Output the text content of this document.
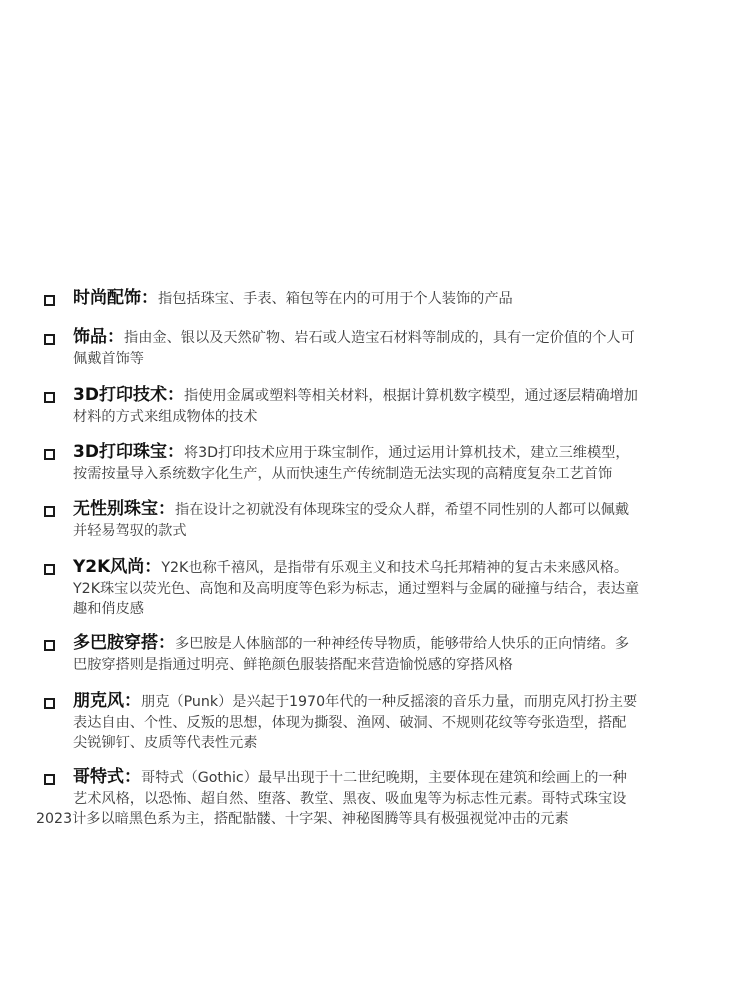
时尚配饰：指包括珠宝、手表、箱包等在内的可用于个人装饰的产品
饰品：指由金、银以及天然矿物、岩石或人造宝石材料等制成的，具有一定价值的个人可
佩戴首饰等
3D打印技术：指使用金属或塑料等相关材料，根据计算机数字模型，通过逐层精确增加
材料的方式来组成物体的技术
3D打印珠宝：将3D打印技术应用于珠宝制作，通过运用计算机技术，建立三维模型，
按需按量导入系统数字化生产，从而快速生产传统制造无法实现的高精度复杂工艺首饰
无性别珠宝：指在设计之初就没有体现珠宝的受众人群，希望不同性别的人都可以佩戴
并轻易驾驭的款式
Y2K风尚：Y2K也称千禧风，是指带有乐观主义和技术乌托邦精神的复古未来感风格。
Y2K珠宝以荧光色、高饱和及高明度等色彩为标志，通过塑料与金属的碰撞与结合，表达童
趣和俏皮感
多巴胺穿搭：多巴胺是人体脑部的一种神经传导物质，能够带给人快乐的正向情绪。多
巴胺穿搭则是指通过明亮、鲜艳颜色服装搭配来营造愉悦感的穿搭风格
朋克风：朋克（Punk）是兴起于1970年代的一种反摇滚的音乐力量，而朋克风打扮主要
表达自由、个性、反叛的思想，体现为撕裂、渔网、破洞、不规则花纹等夸张造型，搭配
尖锐铆钉、皮质等代表性元素
哥特式：哥特式（Gothic）最早出现于十二世纪晚期，主要体现在建筑和绘画上的一种
艺术风格，以恐怖、超自然、堕落、教堂、黑夜、吸血鬼等为标志性元素。哥特式珠宝设
2023计多以暗黑色系为主，搭配骷髅、十字架、神秘图腾等具有极强视觉冲击的元素
